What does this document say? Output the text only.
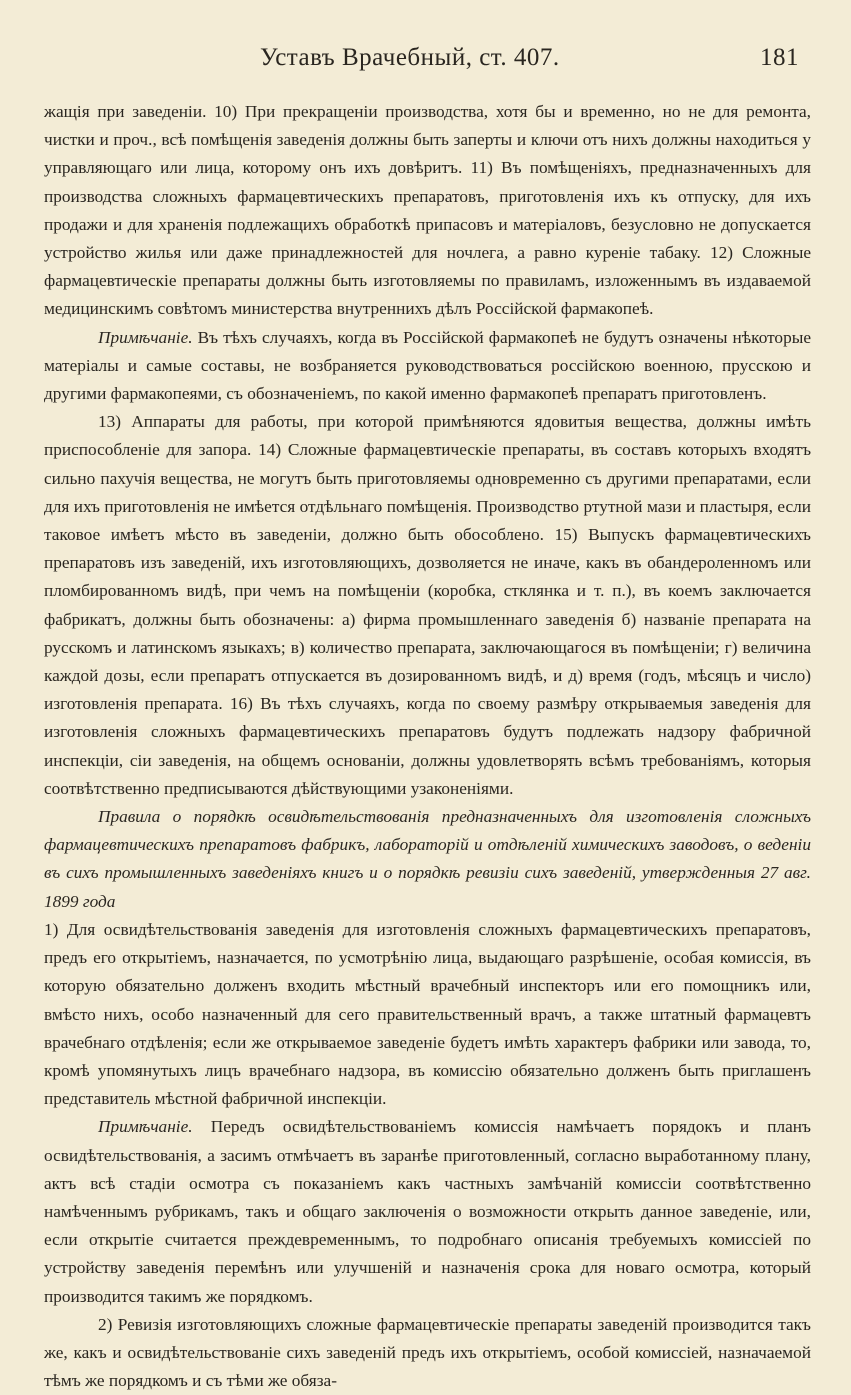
Уставъ Врачебный, ст. 407.	181

жащія при заведеніи. 10) При прекращеніи производства, хотя бы и временно, но не для ремонта, чистки и проч., всѣ помѣщенія заведенія должны быть заперты и ключи отъ нихъ должны находиться у управляющаго или лица, которому онъ ихъ довѣритъ. 11) Въ помѣщеніяхъ, предназначенныхъ для производства сложныхъ фармацевтическихъ препаратовъ, приготовленія ихъ къ отпуску, для ихъ продажи и для храненія подлежащихъ обработкѣ припасовъ и матеріаловъ, безусловно не допускается устройство жилья или даже принадлежностей для ночлега, а равно куреніе табаку. 12) Сложные фармацевтическіе препараты должны быть изготовляемы по правиламъ, изложеннымъ въ издаваемой медицинскимъ совѣтомъ министерства внутреннихъ дѣлъ Россійской фармакопеѣ.

Примѣчаніе. Въ тѣхъ случаяхъ, когда въ Россійской фармакопеѣ не будутъ означены нѣкоторые матеріалы и самые составы, не возбраняется руководствоваться россійскою военною, прусскою и другими фармакопеями, съ обозначеніемъ, по какой именно фармакопеѣ препаратъ приготовленъ.

13) Аппараты для работы, при которой примѣняются ядовитыя вещества, должны имѣть приспособленіе для запора. 14) Сложные фармацевтическіе препараты, въ составъ которыхъ входятъ сильно пахучія вещества, не могутъ быть приготовляемы одновременно съ другими препаратами, если для ихъ приготовленія не имѣется отдѣльнаго помѣщенія. Производство ртутной мази и пластыря, если таковое имѣетъ мѣсто въ заведеніи, должно быть обособлено. 15) Выпускъ фармацевтическихъ препаратовъ изъ заведеній, ихъ изготовляющихъ, дозволяется не иначе, какъ въ обандероленномъ или пломбированномъ видѣ, при чемъ на помѣщеніи (коробка, стклянка и т. п.), въ коемъ заключается фабрикатъ, должны быть обозначены: а) фирма промышленнаго заведенія б) названіе препарата на русскомъ и латинскомъ языкахъ; в) количество препарата, заключающагося въ помѣщеніи; г) величина каждой дозы, если препаратъ отпускается въ дозированномъ видѣ, и д) время (годъ, мѣсяцъ и число) изготовленія препарата. 16) Въ тѣхъ случаяхъ, когда по своему размѣру открываемыя заведенія для изготовленія сложныхъ фармацевтическихъ препаратовъ будутъ подлежать надзору фабричной инспекціи, сіи заведенія, на общемъ основаніи, должны удовлетворять всѣмъ требованіямъ, которыя соотвѣтственно предписываются дѣйствующими узаконеніями.

Правила о порядкѣ освидѣтельствованія предназначенныхъ для изготовленія сложныхъ фармацевтическихъ препаратовъ фабрикъ, лабораторій и отдѣленій химическихъ заводовъ, о веденіи въ сихъ промышленныхъ заведеніяхъ книгъ и о порядкѣ ревизіи сихъ заведеній, утвержденныя 27 авг. 1899 года

1) Для освидѣтельствованія заведенія для изготовленія сложныхъ фармацевтическихъ препаратовъ, предъ его открытіемъ, назначается, по усмотрѣнію лица, выдающаго разрѣшеніе, особая комиссія, въ которую обязательно долженъ входить мѣстный врачебный инспекторъ или его помощникъ или, вмѣсто нихъ, особо назначенный для сего правительственный врачъ, а также штатный фармацевтъ врачебнаго отдѣленія; если же открываемое заведеніе будетъ имѣть характеръ фабрики или завода, то, кромѣ упомянутыхъ лицъ врачебнаго надзора, въ комиссію обязательно долженъ быть приглашенъ представитель мѣстной фабричной инспекціи.

Примѣчаніе. Передъ освидѣтельствованіемъ комиссія намѣчаетъ порядокъ и планъ освидѣтельствованія, а засимъ отмѣчаетъ въ заранѣе приготовленный, согласно выработанному плану, актъ всѣ стадіи осмотра съ показаніемъ какъ частныхъ замѣчаній комиссіи соотвѣтственно намѣченнымъ рубрикамъ, такъ и общаго заключенія о возможности открыть данное заведеніе, или, если открытіе считается преждевременнымъ, то подробнаго описанія требуемыхъ комиссіей по устройству заведенія перемѣнъ или улучшеній и назначенія срока для новаго осмотра, который производится такимъ же порядкомъ.

2) Ревизія изготовляющихъ сложные фармацевтическіе препараты заведеній производится такъ же, какъ и освидѣтельствованіе сихъ заведеній предъ ихъ открытіемъ, особой комиссіей, назначаемой тѣмъ же порядкомъ и съ тѣми же обяза-
